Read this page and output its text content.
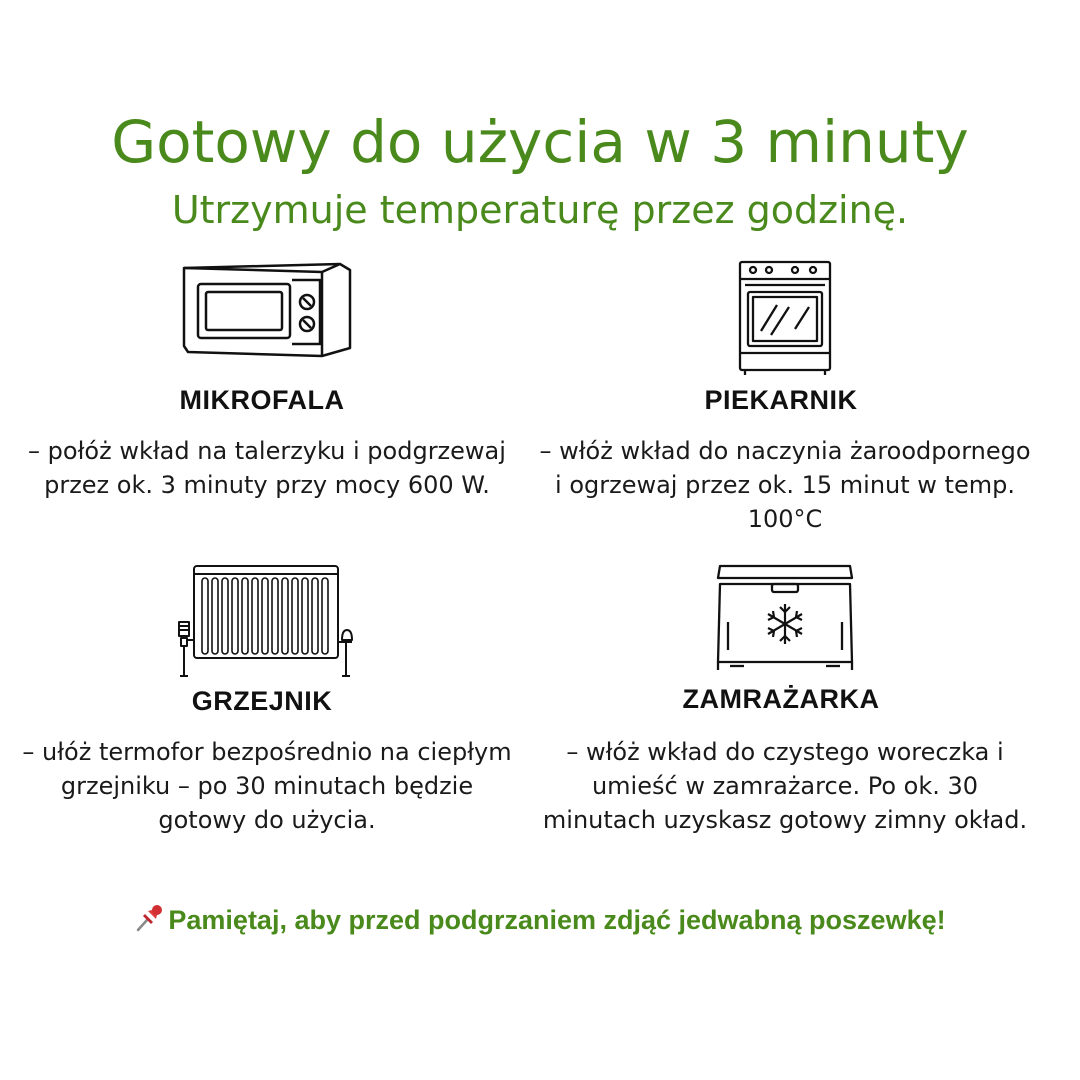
Gotowy do użycia w 3 minuty
Utrzymuje temperaturę przez godzinę.
MIKROFALA
– połóż wkład na talerzyku i podgrzewaj przez ok. 3 minuty przy mocy 600 W.
PIEKARNIK
– włóż wkład do naczynia żaroodpornego i ogrzewaj przez ok. 15 minut w temp. 100°C
GRZEJNIK
– ułóż termofor bezpośrednio na ciepłym grzejniku – po 30 minutach będzie gotowy do użycia.
ZAMRAŻARKA
– włóż wkład do czystego woreczka i umieść w zamrażarce. Po ok. 30 minutach uzyskasz gotowy zimny okład.
Pamiętaj, aby przed podgrzaniem zdjąć jedwabną poszewkę!
